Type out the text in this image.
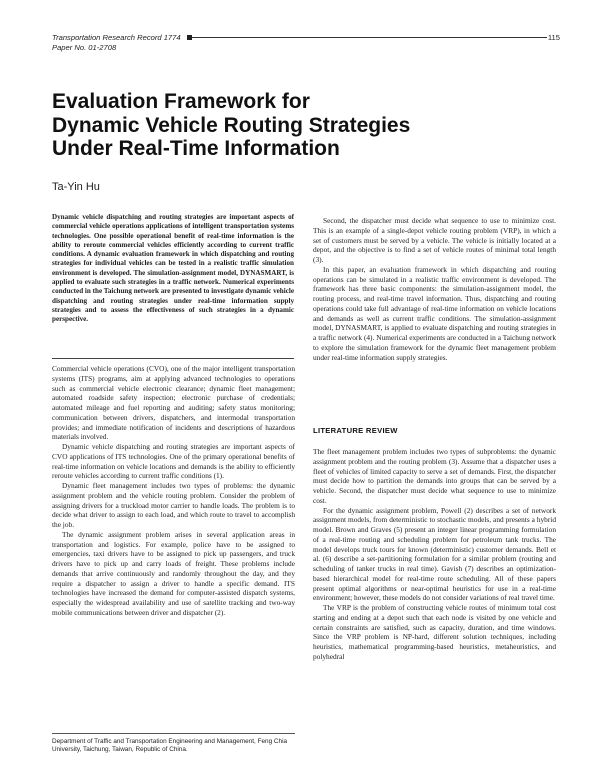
Transportation Research Record 1774
Paper No. 01-2708
115
Evaluation Framework for
Dynamic Vehicle Routing Strategies
Under Real-Time Information
Ta-Yin Hu
Dynamic vehicle dispatching and routing strategies are important aspects of commercial vehicle operations applications of intelligent transportation systems technologies. One possible operational benefit of real-time information is the ability to reroute commercial vehicles efficiently according to current traffic conditions. A dynamic evaluation framework in which dispatching and routing strategies for individual vehicles can be tested in a realistic traffic simulation environment is developed. The simulation-assignment model, DYNASMART, is applied to evaluate such strategies in a traffic network. Numerical experiments conducted in the Taichung network are presented to investigate dynamic vehicle dispatching and routing strategies under real-time information supply strategies and to assess the effectiveness of such strategies in a dynamic perspective.

Commercial vehicle operations (CVO), one of the major intelligent transportation systems (ITS) programs, aim at applying advanced technologies to operations such as commercial vehicle electronic clearance; dynamic fleet management; automated roadside safety inspection; electronic purchase of credentials; automated mileage and fuel reporting and auditing; safety status monitoring; communication between drivers, dispatchers, and intermodal transportation provides; and immediate notification of incidents and descriptions of hazardous materials involved.

Dynamic vehicle dispatching and routing strategies are important aspects of CVO applications of ITS technologies. One of the primary operational benefits of real-time information on vehicle locations and demands is the ability to efficiently reroute vehicles according to current traffic conditions (1).

Dynamic fleet management includes two types of problems: the dynamic assignment problem and the vehicle routing problem. Consider the problem of assigning drivers for a truckload motor carrier to handle loads. The problem is to decide what driver to assign to each load, and which route to travel to accomplish the job.

The dynamic assignment problem arises in several application areas in transportation and logistics. For example, police have to be assigned to emergencies, taxi drivers have to be assigned to pick up passengers, and truck drivers have to pick up and carry loads of freight. These problems include demands that arrive continuously and randomly throughout the day, and they require a dispatcher to assign a driver to handle a specific demand. ITS technologies have increased the demand for computer-assisted dispatch systems, especially the widespread availability and use of satellite tracking and two-way mobile communications between driver and dispatcher (2).

Second, the dispatcher must decide what sequence to use to minimize cost. This is an example of a single-depot vehicle routing problem (VRP), in which a set of customers must be served by a vehicle. The vehicle is initially located at a depot, and the objective is to find a set of vehicle routes of minimal total length (3).

In this paper, an evaluation framework in which dispatching and routing operations can be simulated in a realistic traffic environment is developed. The framework has three basic components: the simulation-assignment model, the routing process, and real-time travel information. Thus, dispatching and routing operations could take full advantage of real-time information on vehicle locations and demands as well as current traffic conditions. The simulation-assignment model, DYNASMART, is applied to evaluate dispatching and routing strategies in a traffic network (4). Numerical experiments are conducted in a Taichung network to explore the simulation framework for the dynamic fleet management problem under real-time information supply strategies.

LITERATURE REVIEW

The fleet management problem includes two types of subproblems: the dynamic assignment problem and the routing problem (3). Assume that a dispatcher uses a fleet of vehicles of limited capacity to serve a set of demands. First, the dispatcher must decide how to partition the demands into groups that can be served by a vehicle. Second, the dispatcher must decide what sequence to use to minimize cost.

For the dynamic assignment problem, Powell (2) describes a set of network assignment models, from deterministic to stochastic models, and presents a hybrid model. Brown and Graves (5) present an integer linear programming formulation of a real-time routing and scheduling problem for petroleum tank trucks. The model develops truck tours for known (deterministic) customer demands. Bell et al. (6) describe a set-partitioning formulation for a similar problem (routing and scheduling of tanker trucks in real time). Gavish (7) describes an optimization-based hierarchical model for real-time route scheduling. All of these papers present optimal algorithms or near-optimal heuristics for use in a real-time environment; however, these models do not consider variations of real travel time.

The VRP is the problem of constructing vehicle routes of minimum total cost starting and ending at a depot such that each node is visited by one vehicle and certain constraints are satisfied, such as capacity, duration, and time windows. Since the VRP problem is NP-hard, different solution techniques, including heuristics, mathematical programming-based heuristics, metaheuristics, and polyhedral

Department of Traffic and Transportation Engineering and Management, Feng Chia University, Taichung, Taiwan, Republic of China.
